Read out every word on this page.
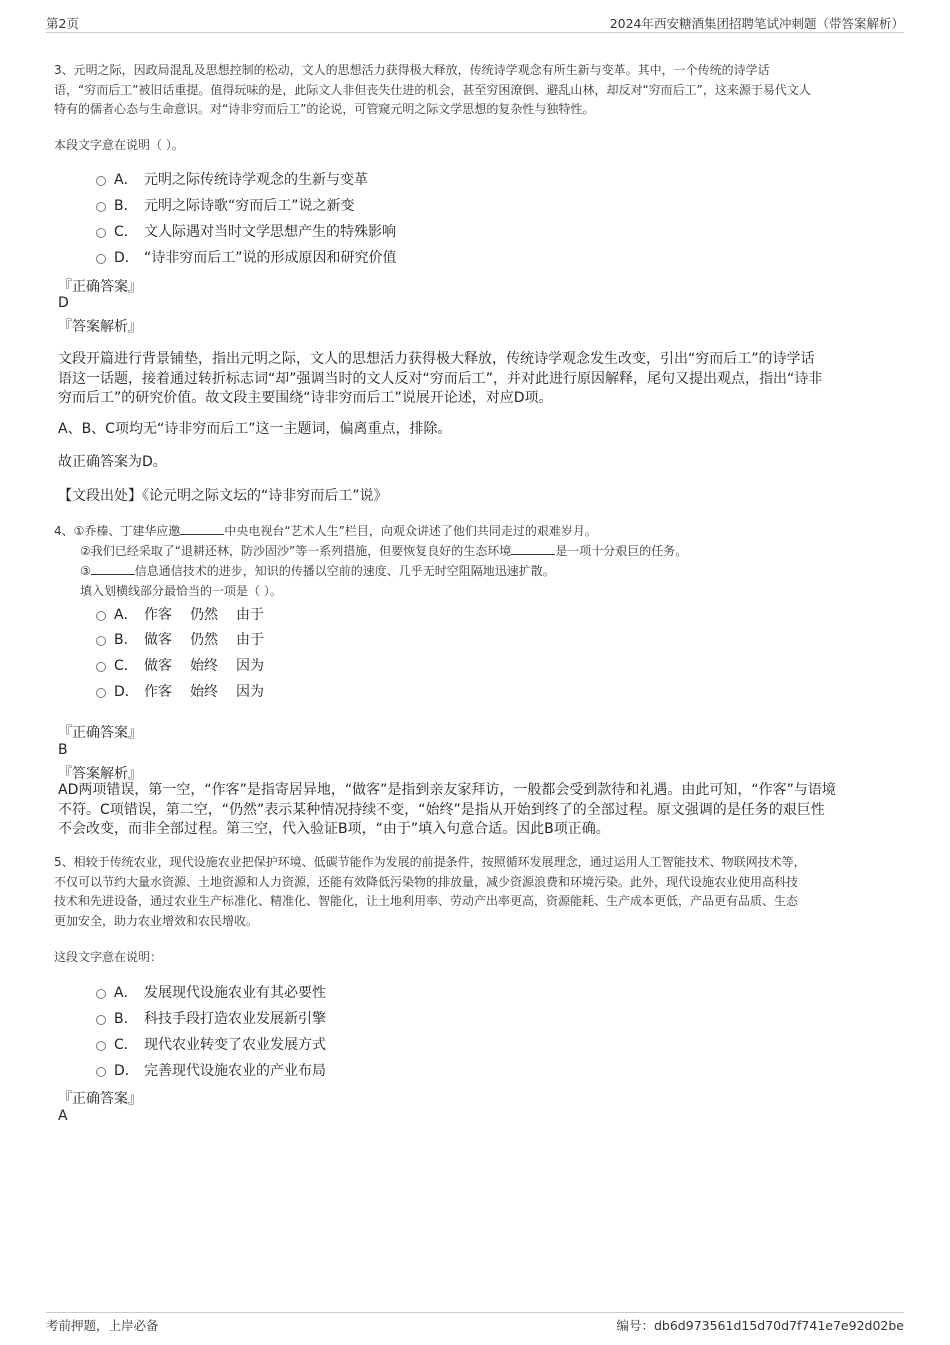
第2页	2024年西安糖酒集团招聘笔试冲刺题（带答案解析）
3、元明之际，因政局混乱及思想控制的松动，文人的思想活力获得极大释放，传统诗学观念有所生新与变革。其中，一个传统的诗学话
语，“穷而后工”被旧话重提。值得玩味的是，此际文人非但丧失仕进的机会，甚至穷困潦倒、避乱山林，却反对“穷而后工”，这来源于易代文人
特有的儒者心态与生命意识。对“诗非穷而后工”的论说，可管窥元明之际文学思想的复杂性与独特性。
本段文字意在说明（ ）。
A． 元明之际传统诗学观念的生新与变革
B． 元明之际诗歌“穷而后工”说之新变
C． 文人际遇对当时文学思想产生的特殊影响
D． “诗非穷而后工”说的形成原因和研究价值
『正确答案』
D
『答案解析』
文段开篇进行背景铺垫，指出元明之际，文人的思想活力获得极大释放，传统诗学观念发生改变，引出“穷而后工”的诗学话
语这一话题，接着通过转折标志词“却”强调当时的文人反对“穷而后工”，并对此进行原因解释，尾句又提出观点，指出“诗非
穷而后工”的研究价值。故文段主要围绕“诗非穷而后工”说展开论述，对应D项。
A、B、C项均无“诗非穷而后工”这一主题词，偏离重点，排除。
故正确答案为D。
【文段出处】《论元明之际文坛的“诗非穷而后工”说》
4、①乔榛、丁建华应邀	中央电视台“艺术人生”栏目，向观众讲述了他们共同走过的艰难岁月。
②我们已经采取了“退耕还林，防沙固沙”等一系列措施，但要恢复良好的生态环境	是一项十分艰巨的任务。
③	信息通信技术的进步，知识的传播以空前的速度、几乎无时空阻隔地迅速扩散。
填入划横线部分最恰当的一项是（ ）。
A． 作客	仍然	由于
B． 做客	仍然	由于
C． 做客	始终	因为
D． 作客	始终	因为
『正确答案』
B
『答案解析』
AD两项错误，第一空，“作客”是指寄居异地，“做客”是指到亲友家拜访，一般都会受到款待和礼遇。由此可知，“作客”与语境
不符。C项错误，第二空，“仍然”表示某种情况持续不变，“始终”是指从开始到终了的全部过程。原文强调的是任务的艰巨性
不会改变，而非全部过程。第三空，代入验证B项，“由于”填入句意合适。因此B项正确。
5、相较于传统农业，现代设施农业把保护环境、低碳节能作为发展的前提条件，按照循环发展理念，通过运用人工智能技术、物联网技术等，
不仅可以节约大量水资源、土地资源和人力资源，还能有效降低污染物的排放量，减少资源浪费和环境污染。此外，现代设施农业使用高科技
技术和先进设备，通过农业生产标准化、精准化、智能化，让土地利用率、劳动产出率更高，资源能耗、生产成本更低，产品更有品质、生态
更加安全，助力农业增效和农民增收。
这段文字意在说明：
A． 发展现代设施农业有其必要性
B． 科技手段打造农业发展新引擎
C． 现代农业转变了农业发展方式
D． 完善现代设施农业的产业布局
『正确答案』
A
考前押题，上岸必备	编号：db6d973561d15d70d7f741e7e92d02be
